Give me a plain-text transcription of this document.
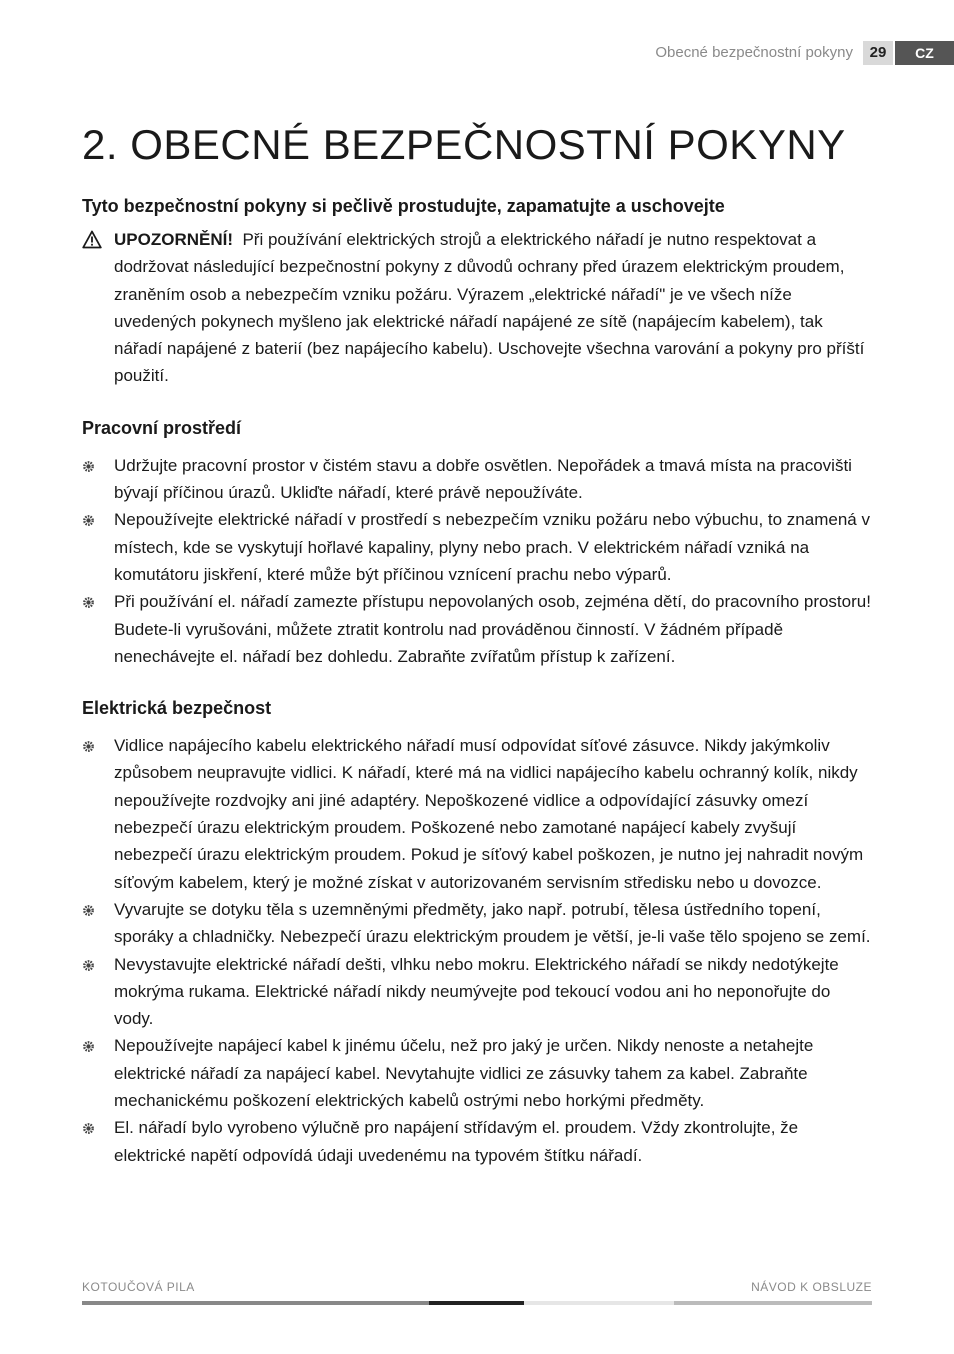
Obecné bezpečnostní pokyny	29	CZ
2. OBECNÉ BEZPEČNOSTNÍ POKYNY
Tyto bezpečnostní pokyny si pečlivě prostudujte, zapamatujte a uschovejte
UPOZORNĚNÍ! Při používání elektrických strojů a elektrického nářadí je nutno respektovat a dodržovat následující bezpečnostní pokyny z důvodů ochrany před úrazem elektrickým proudem, zraněním osob a nebezpečím vzniku požáru. Výrazem „elektrické nářadí" je ve všech níže uvedených pokynech myšleno jak elektrické nářadí napájené ze sítě (napájecím kabelem), tak nářadí napájené z baterií (bez napájecího kabelu). Uschovejte všechna varování a pokyny pro příští použití.
Pracovní prostředí
Udržujte pracovní prostor v čistém stavu a dobře osvětlen. Nepořádek a tmavá místa na pracovišti bývají příčinou úrazů. Ukliďte nářadí, které právě nepoužíváte.
Nepoužívejte elektrické nářadí v prostředí s nebezpečím vzniku požáru nebo výbuchu, to znamená v místech, kde se vyskytují hořlavé kapaliny, plyny nebo prach. V elektrickém nářadí vzniká na komutátoru jiskření, které může být příčinou vznícení prachu nebo výparů.
Při používání el. nářadí zamezte přístupu nepovolaných osob, zejména dětí, do pracovního prostoru! Budete-li vyrušováni, můžete ztratit kontrolu nad prováděnou činností. V žádném případě nenechávejte el. nářadí bez dohledu. Zabraňte zvířatům přístup k zařízení.
Elektrická bezpečnost
Vidlice napájecího kabelu elektrického nářadí musí odpovídat síťové zásuvce. Nikdy jakýmkoliv způsobem neupravujte vidlici. K nářadí, které má na vidlici napájecího kabelu ochranný kolík, nikdy nepoužívejte rozdvojky ani jiné adaptéry. Nepoškozené vidlice a odpovídající zásuvky omezí nebezpečí úrazu elektrickým proudem. Poškozené nebo zamotané napájecí kabely zvyšují nebezpečí úrazu elektrickým proudem. Pokud je síťový kabel poškozen, je nutno jej nahradit novým síťovým kabelem, který je možné získat v autorizovaném servisním středisku nebo u dovozce.
Vyvarujte se dotyku těla s uzemněnými předměty, jako např. potrubí, tělesa ústředního topení, sporáky a chladničky. Nebezpečí úrazu elektrickým proudem je větší, je-li vaše tělo spojeno se zemí.
Nevystavujte elektrické nářadí dešti, vlhku nebo mokru. Elektrického nářadí se nikdy nedotýkejte mokrýma rukama. Elektrické nářadí nikdy neumývejte pod tekoucí vodou ani ho neponořujte do vody.
Nepoužívejte napájecí kabel k jinému účelu, než pro jaký je určen. Nikdy nenoste a netahejte elektrické nářadí za napájecí kabel. Nevytahujte vidlici ze zásuvky tahem za kabel. Zabraňte mechanickému poškození elektrických kabelů ostrými nebo horkými předměty.
El. nářadí bylo vyrobeno výlučně pro napájení střídavým el. proudem. Vždy zkontrolujte, že elektrické napětí odpovídá údaji uvedenému na typovém štítku nářadí.
KOTOUČOVÁ PILA	NÁVOD K OBSLUZE
